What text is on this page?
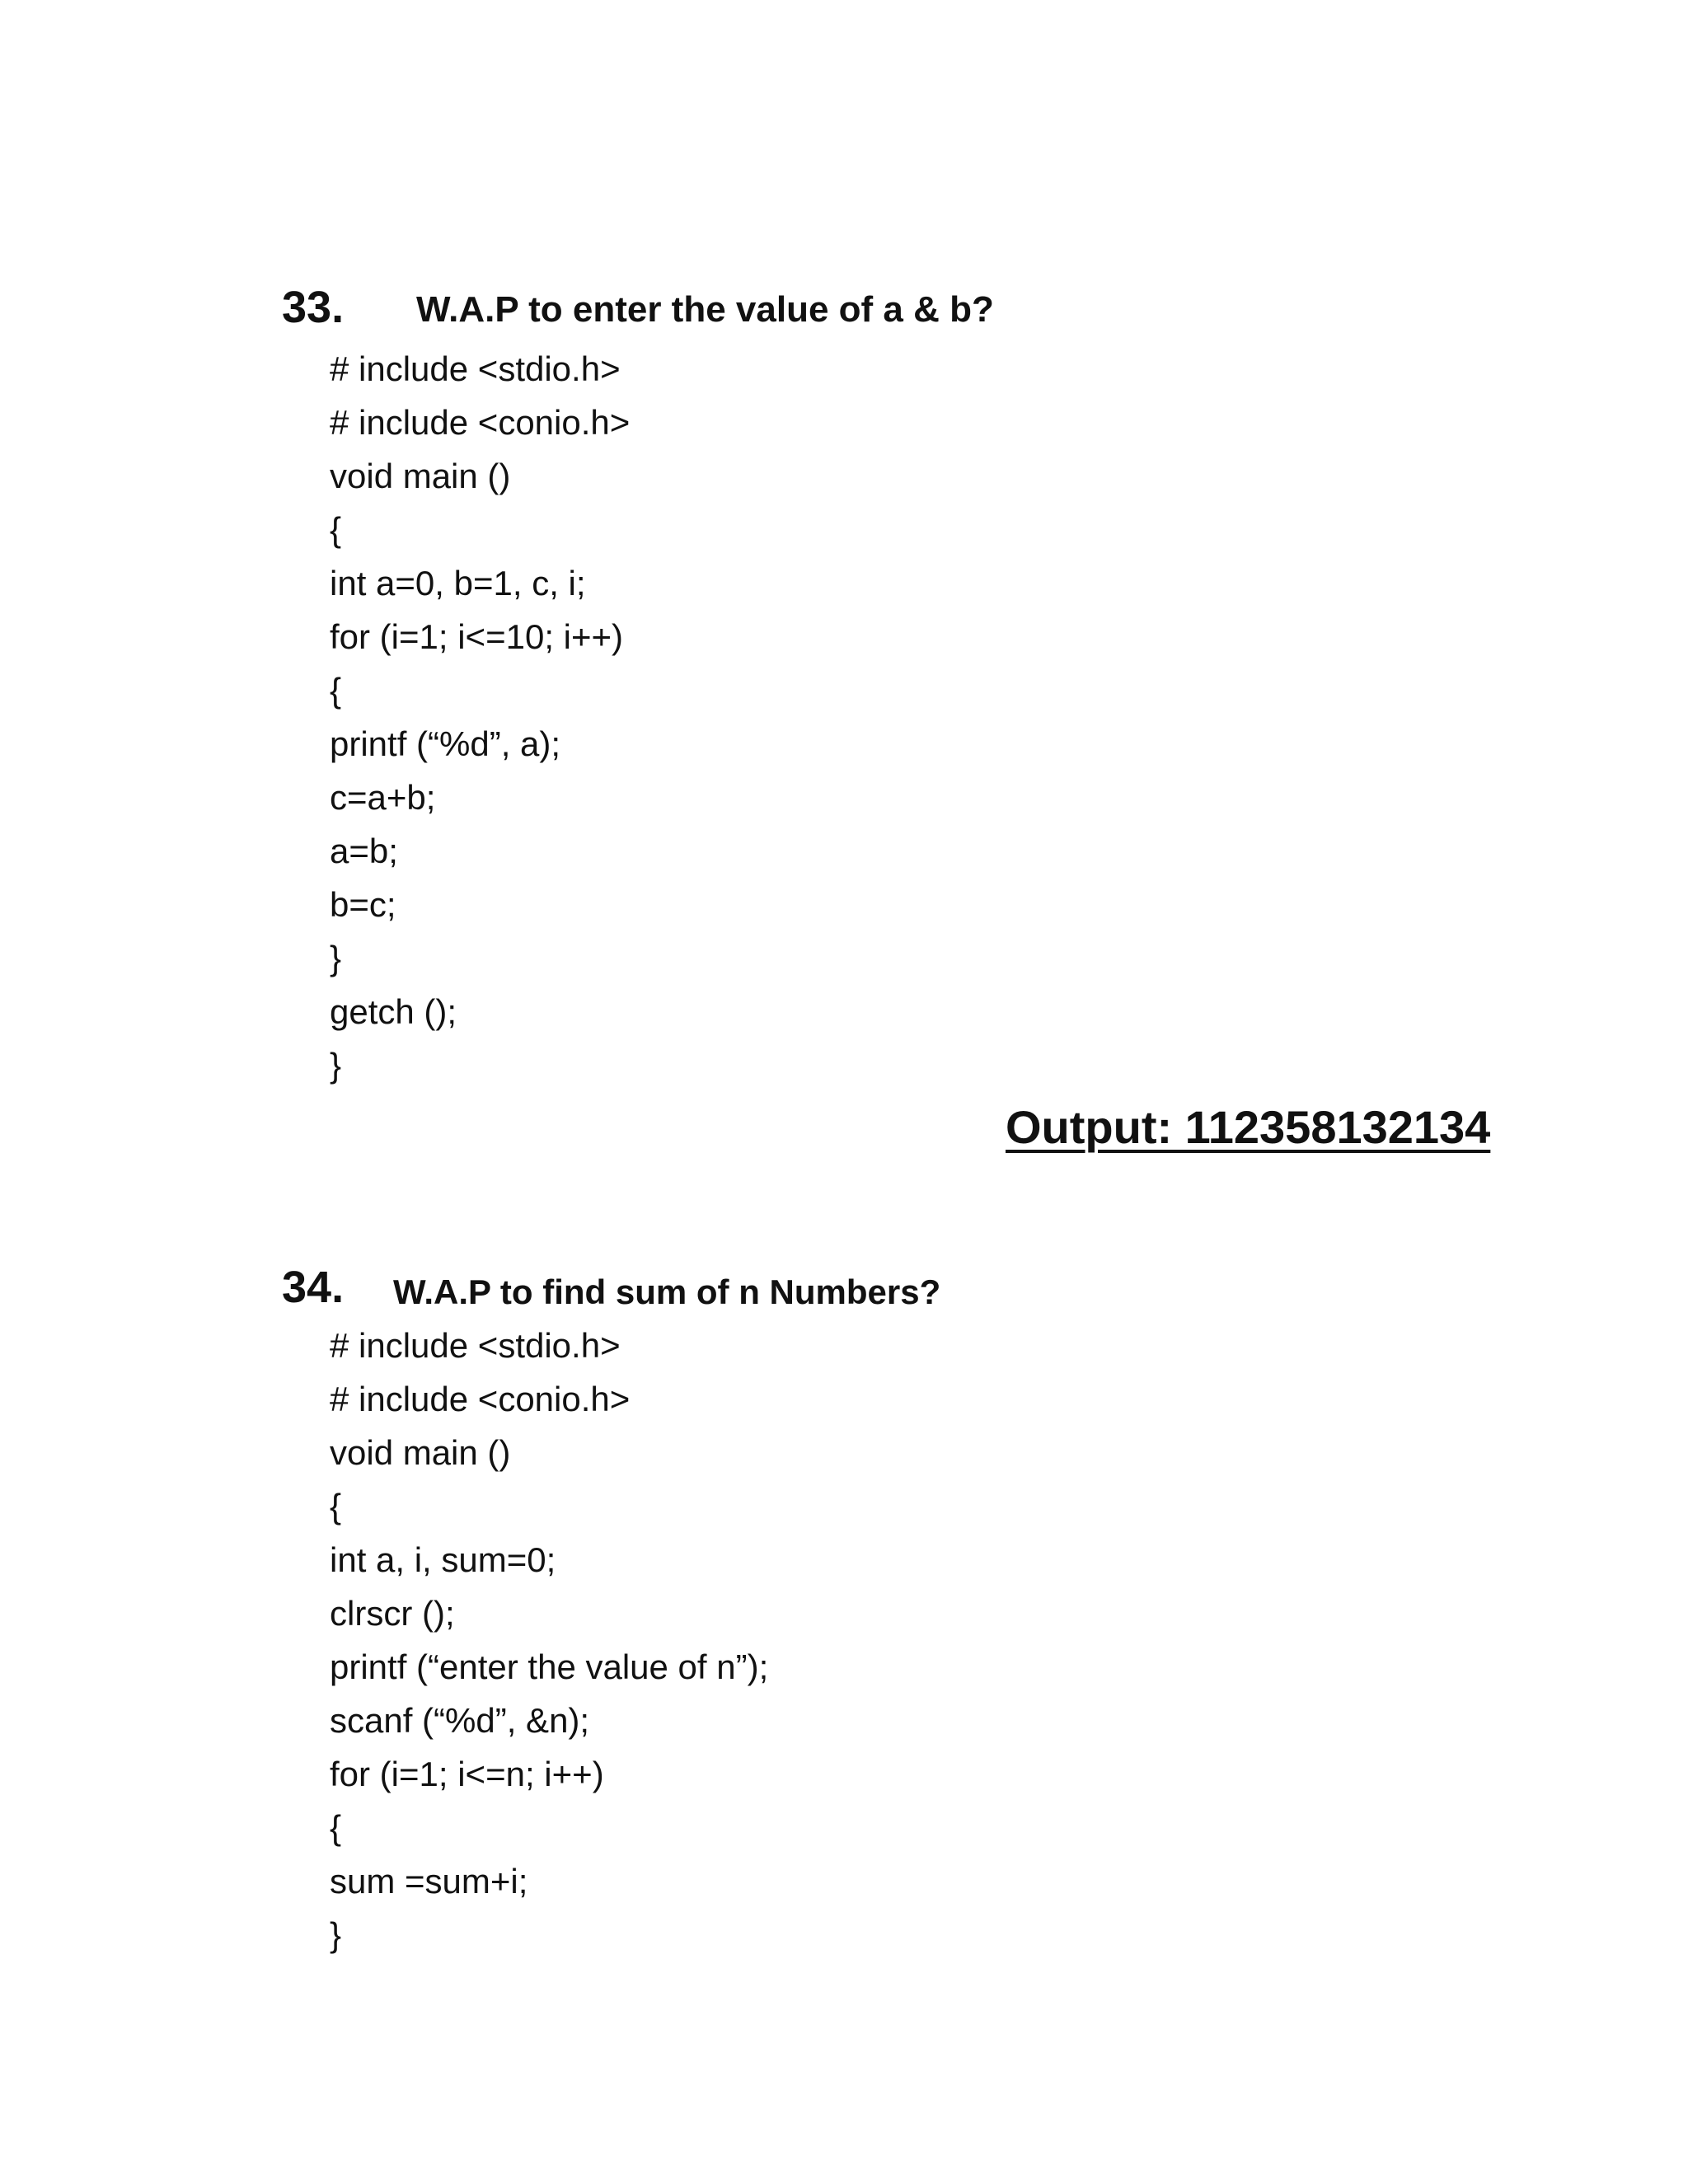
33. W.A.P to enter the value of a & b?
# include <stdio.h>
# include <conio.h>
void main ()
{
int a=0, b=1, c, i;
for (i=1; i<=10; i++)
{
printf (“%d”, a);
c=a+b;
a=b;
b=c;
}
getch ();
}
Output: 112358132134
34. W.A.P to find sum of n Numbers?
# include <stdio.h>
# include <conio.h>
void main ()
{
int a, i, sum=0;
clrscr ();
printf (“enter the value of n”);
scanf (“%d”, &n);
for (i=1; i<=n; i++)
{
sum =sum+i;
}
